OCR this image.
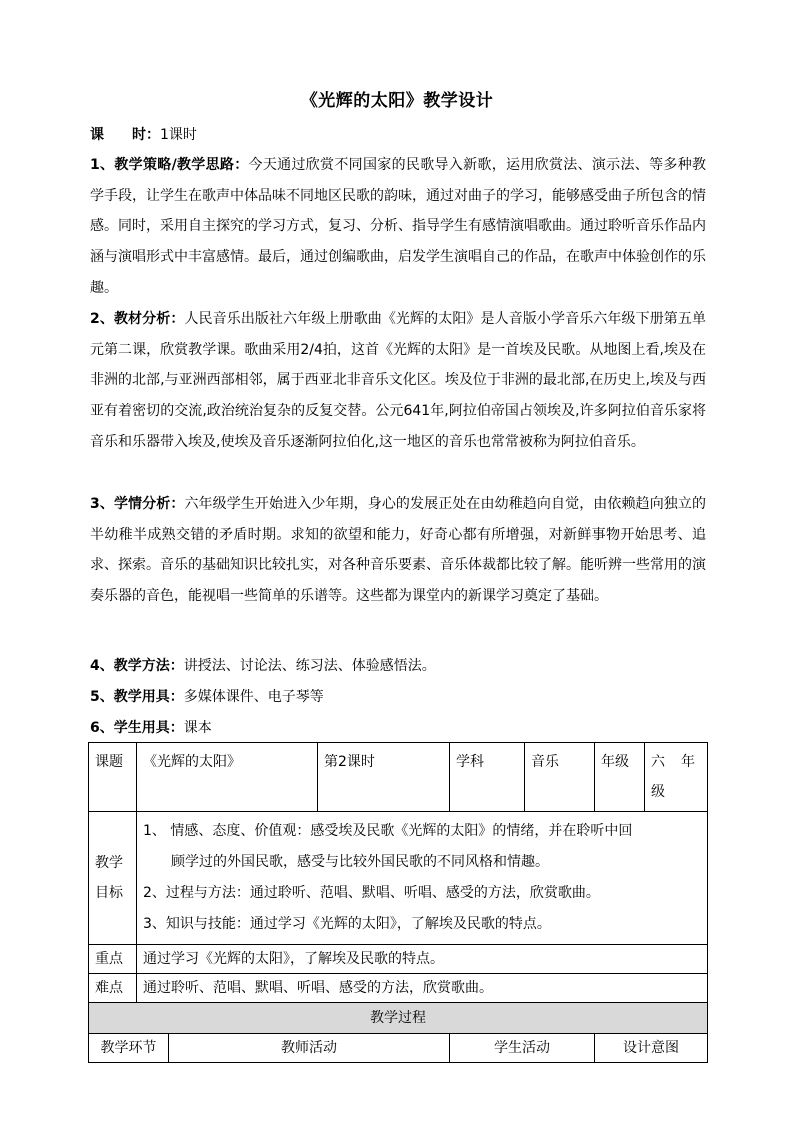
《光辉的太阳》教学设计
课　　时：1课时
1、教学策略/教学思路：今天通过欣赏不同国家的民歌导入新歌，运用欣赏法、演示法、等多种教学手段，让学生在歌声中体品味不同地区民歌的韵味，通过对曲子的学习，能够感受曲子所包含的情感。同时，采用自主探究的学习方式，复习、分析、指导学生有感情演唱歌曲。通过聆听音乐作品内涵与演唱形式中丰富感情。最后，通过创编歌曲，启发学生演唱自己的作品，在歌声中体验创作的乐趣。
2、教材分析：人民音乐出版社六年级上册歌曲《光辉的太阳》是人音版小学音乐六年级下册第五单元第二课，欣赏教学课。歌曲采用2/4拍，这首《光辉的太阳》是一首埃及民歌。从地图上看,埃及在非洲的北部,与亚洲西部相邻，属于西亚北非音乐文化区。埃及位于非洲的最北部,在历史上,埃及与西亚有着密切的交流,政治统治复杂的反复交替。公元641年,阿拉伯帝国占领埃及,许多阿拉伯音乐家将音乐和乐器带入埃及,使埃及音乐逐渐阿拉伯化,这一地区的音乐也常常被称为阿拉伯音乐。
3、学情分析：六年级学生开始进入少年期，身心的发展正处在由幼稚趋向自觉，由依赖趋向独立的半幼稚半成熟交错的矛盾时期。求知的欲望和能力，好奇心都有所增强，对新鲜事物开始思考、追求、探索。音乐的基础知识比较扎实，对各种音乐要素、音乐体裁都比较了解。能听辨一些常用的演奏乐器的音色，能视唱一些简单的乐谱等。这些都为课堂内的新课学习奠定了基础。
4、教学方法：讲授法、讨论法、练习法、体验感悟法。
5、教学用具：多媒体课件、电子琴等
6、学生用具：课本
课题	《光辉的太阳》		第2课时	学科	音乐	年级	六　年级
教学目标	1、 情感、态度、价值观：感受埃及民歌《光辉的太阳》的情绪，并在聆听中回
顾学过的外国民歌，感受与比较外国民歌的不同风格和情趣。
2、过程与方法：通过聆听、范唱、默唱、听唱、感受的方法，欣赏歌曲。
3、知识与技能：通过学习《光辉的太阳》，了解埃及民歌的特点。						

重点	通过学习《光辉的太阳》，了解埃及民歌的特点。						
难点	通过聆听、范唱、默唱、听唱、感受的方法，欣赏歌曲。						
教学过程							
教学环节		教师活动		学生活动		设计意图	
